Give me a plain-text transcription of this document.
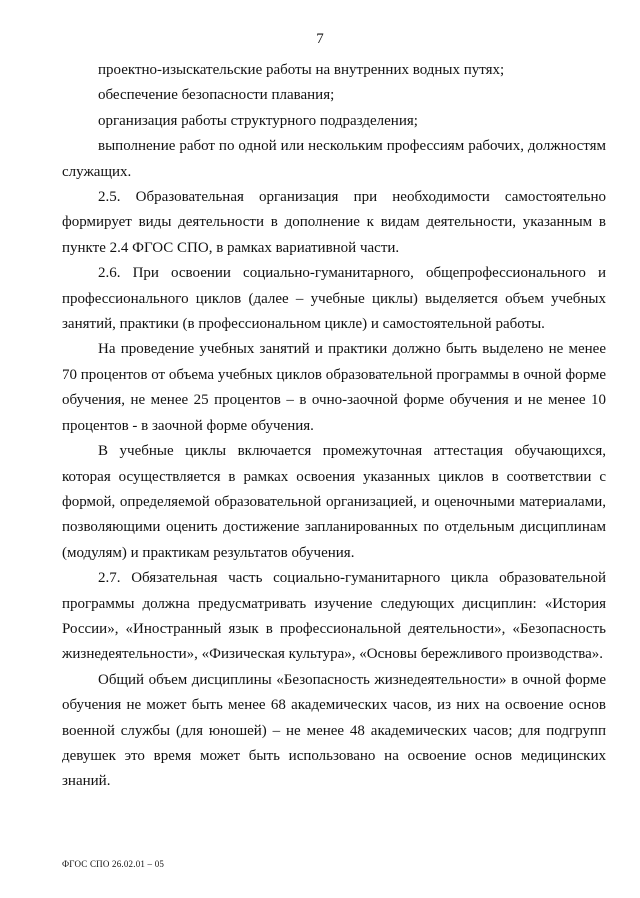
7

проектно-изыскательские работы на внутренних водных путях;

обеспечение безопасности плавания;

организация работы структурного подразделения;

выполнение работ по одной или нескольким профессиям рабочих, должностям служащих.

2.5. Образовательная организация при необходимости самостоятельно формирует виды деятельности в дополнение к видам деятельности, указанным в пункте 2.4 ФГОС СПО, в рамках вариативной части.

2.6. При освоении социально-гуманитарного, общепрофессионального и профессионального циклов (далее – учебные циклы) выделяется объем учебных занятий, практики (в профессиональном цикле) и самостоятельной работы.

На проведение учебных занятий и практики должно быть выделено не менее 70 процентов от объема учебных циклов образовательной программы в очной форме обучения, не менее 25 процентов – в очно-заочной форме обучения и не менее 10 процентов - в заочной форме обучения.

В учебные циклы включается промежуточная аттестация обучающихся, которая осуществляется в рамках освоения указанных циклов в соответствии с формой, определяемой образовательной организацией, и оценочными материалами, позволяющими оценить достижение запланированных по отдельным дисциплинам (модулям) и практикам результатов обучения.

2.7. Обязательная часть социально-гуманитарного цикла образовательной программы должна предусматривать изучение следующих дисциплин: «История России», «Иностранный язык в профессиональной деятельности», «Безопасность жизнедеятельности», «Физическая культура», «Основы бережливого производства».

Общий объем дисциплины «Безопасность жизнедеятельности» в очной форме обучения не может быть менее 68 академических часов, из них на освоение основ военной службы (для юношей) – не менее 48 академических часов; для подгрупп девушек это время может быть использовано на освоение основ медицинских знаний.

ФГОС СПО 26.02.01 – 05
